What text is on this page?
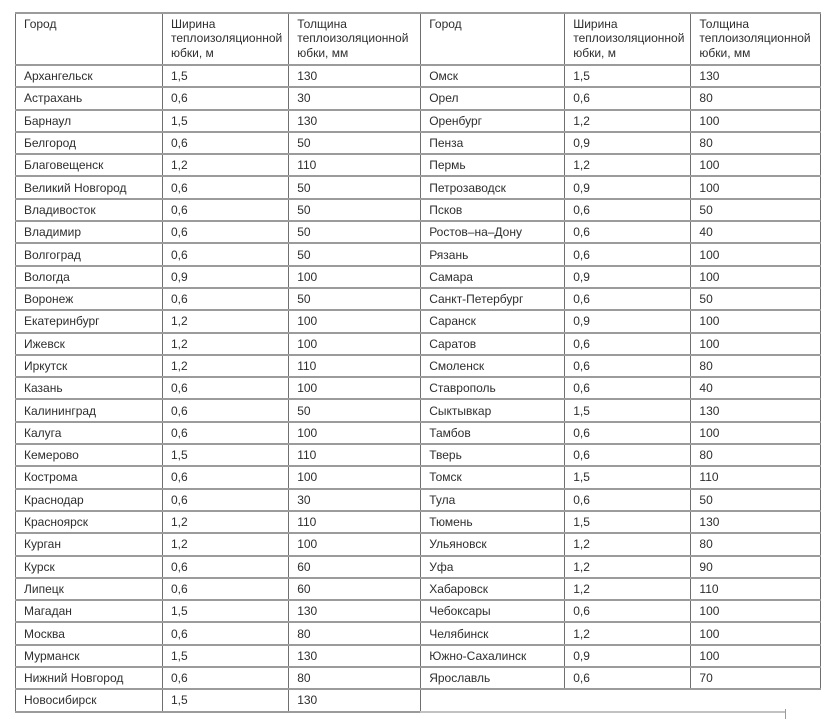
Город	Ширина теплоизоляционной юбки, м	Толщина теплоизоляционной юбки, мм
Архангельск	1,5	130
Астрахань	0,6	30
Барнаул	1,5	130
Белгород	0,6	50
Благовещенск	1,2	110
Великий Новгород	0,6	50
Владивосток	0,6	50
Владимир	0,6	50
Волгоград	0,6	50
Вологда	0,9	100
Воронеж	0,6	50
Екатеринбург	1,2	100
Ижевск	1,2	100
Иркутск	1,2	110
Казань	0,6	100
Калининград	0,6	50
Калуга	0,6	100
Кемерово	1,5	110
Кострома	0,6	100
Краснодар	0,6	30
Красноярск	1,2	110
Курган	1,2	100
Курск	0,6	60
Липецк	0,6	60
Магадан	1,5	130
Москва	0,6	80
Мурманск	1,5	130
Нижний Новгород	0,6	80
Новосибирск	1,5	130
Город	Ширина теплоизоляционной юбки, м	Толщина теплоизоляционной юбки, мм
Омск	1,5	130
Орел	0,6	80
Оренбург	1,2	100
Пенза	0,9	80
Пермь	1,2	100
Петрозаводск	0,9	100
Псков	0,6	50
Ростов–на–Дону	0,6	40
Рязань	0,6	100
Самара	0,9	100
Санкт-Петербург	0,6	50
Саранск	0,9	100
Саратов	0,6	100
Смоленск	0,6	80
Ставрополь	0,6	40
Сыктывкар	1,5	130
Тамбов	0,6	100
Тверь	0,6	80
Томск	1,5	110
Тула	0,6	50
Тюмень	1,5	130
Ульяновск	1,2	80
Уфа	1,2	90
Хабаровск	1,2	110
Чебоксары	0,6	100
Челябинск	1,2	100
Южно-Сахалинск	0,9	100
Ярославль	0,6	70
